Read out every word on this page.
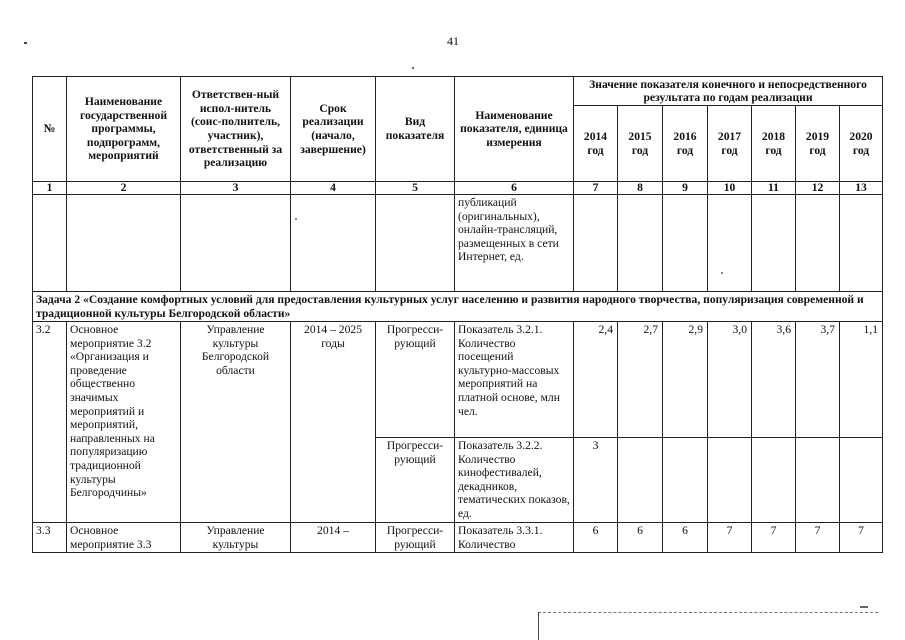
41
№	Наименование государственной программы, подпрограмм, мероприятий	Ответствен-ный испол-нитель (соис-полнитель, участник), ответственный за реализацию	Срок реализации (начало, завершение)	Вид показателя	Наименование показателя, единица измерения	Значение показателя конечного и непосредственного результата по годам реализации						
						2014 год	2015 год	2016 год	2017 год	2018 год	2019 год	2020 год
1	2	3	4	5	6	7	8	9	10	11	12	13
					публикаций (оригинальных), онлайн-трансляций, размещенных в сети Интернет, ед.							
Задача 2 «Создание комфортных условий для предоставления культурных услуг населению и развития народного творчества, популяризация современной и традиционной культуры Белгородской области»												
3.2	Основное мероприятие 3.2 «Организация и проведение общественно значимых мероприятий и мероприятий, направленных на популяризацию традиционной культуры Белгородчины»	Управление культуры Белгородской области	2014 – 2025 годы	Прогресси-рующий	Показатель 3.2.1. Количество посещений культурно-массовых мероприятий на платной основе, млн чел.	2,4	2,7	2,9	3,0	3,6	3,7	1,1
				Прогресси-рующий	Показатель 3.2.2. Количество кинофестивалей, декадников, тематических показов, ед.	3						
3.3	Основное мероприятие 3.3	Управление культуры	2014 –	Прогресси-рующий	Показатель 3.3.1. Количество	6	6	6	7	7	7	7
